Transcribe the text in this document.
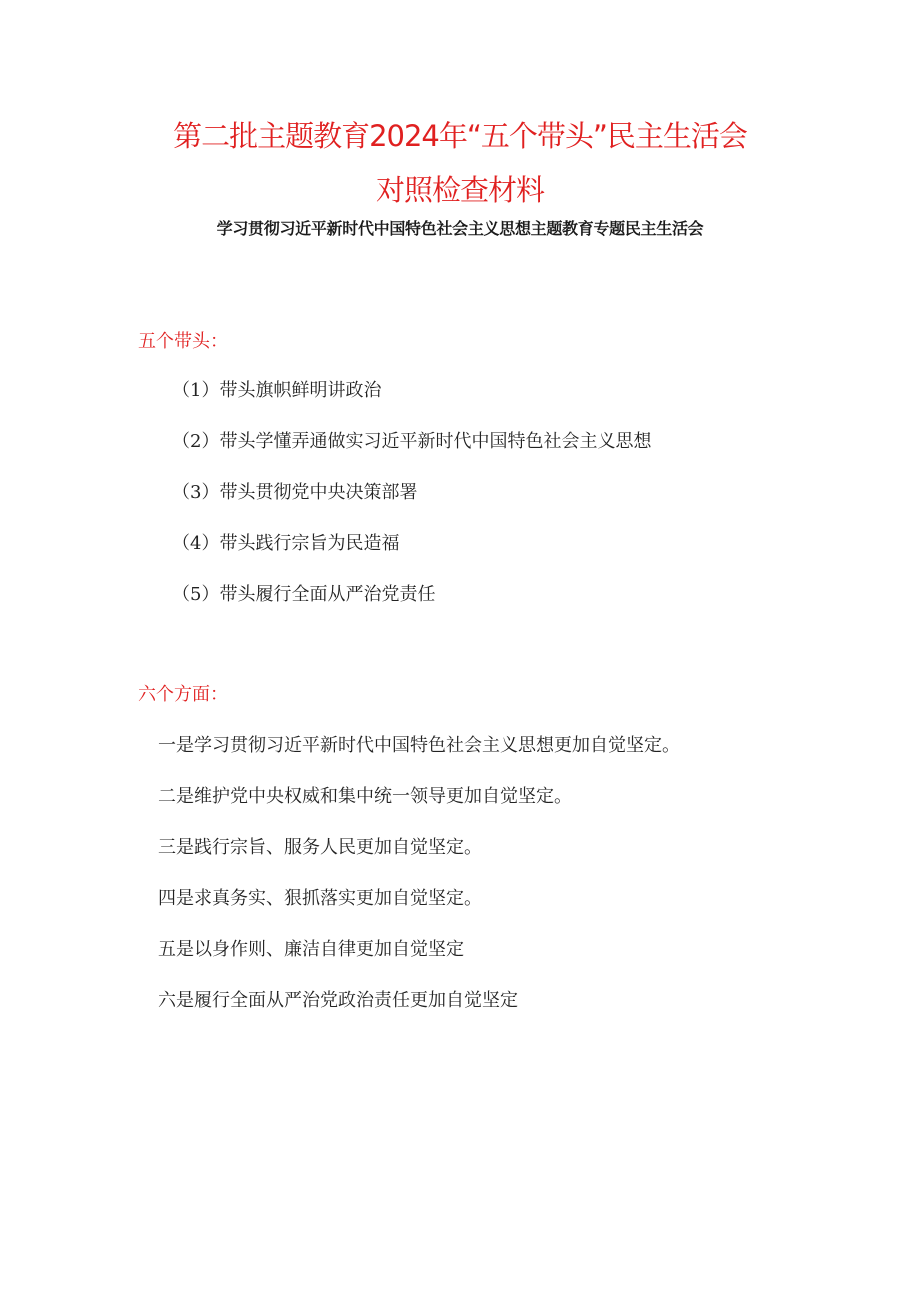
第二批主题教育2024年“五个带头”民主生活会
对照检查材料
学习贯彻习近平新时代中国特色社会主义思想主题教育专题民主生活会
五个带头：
（1）带头旗帜鲜明讲政治
（2）带头学懂弄通做实习近平新时代中国特色社会主义思想
（3）带头贯彻党中央决策部署
（4）带头践行宗旨为民造福
（5）带头履行全面从严治党责任
六个方面：
一是学习贯彻习近平新时代中国特色社会主义思想更加自觉坚定。
二是维护党中央权威和集中统一领导更加自觉坚定。
三是践行宗旨、服务人民更加自觉坚定。
四是求真务实、狠抓落实更加自觉坚定。
五是以身作则、廉洁自律更加自觉坚定
六是履行全面从严治党政治责任更加自觉坚定
